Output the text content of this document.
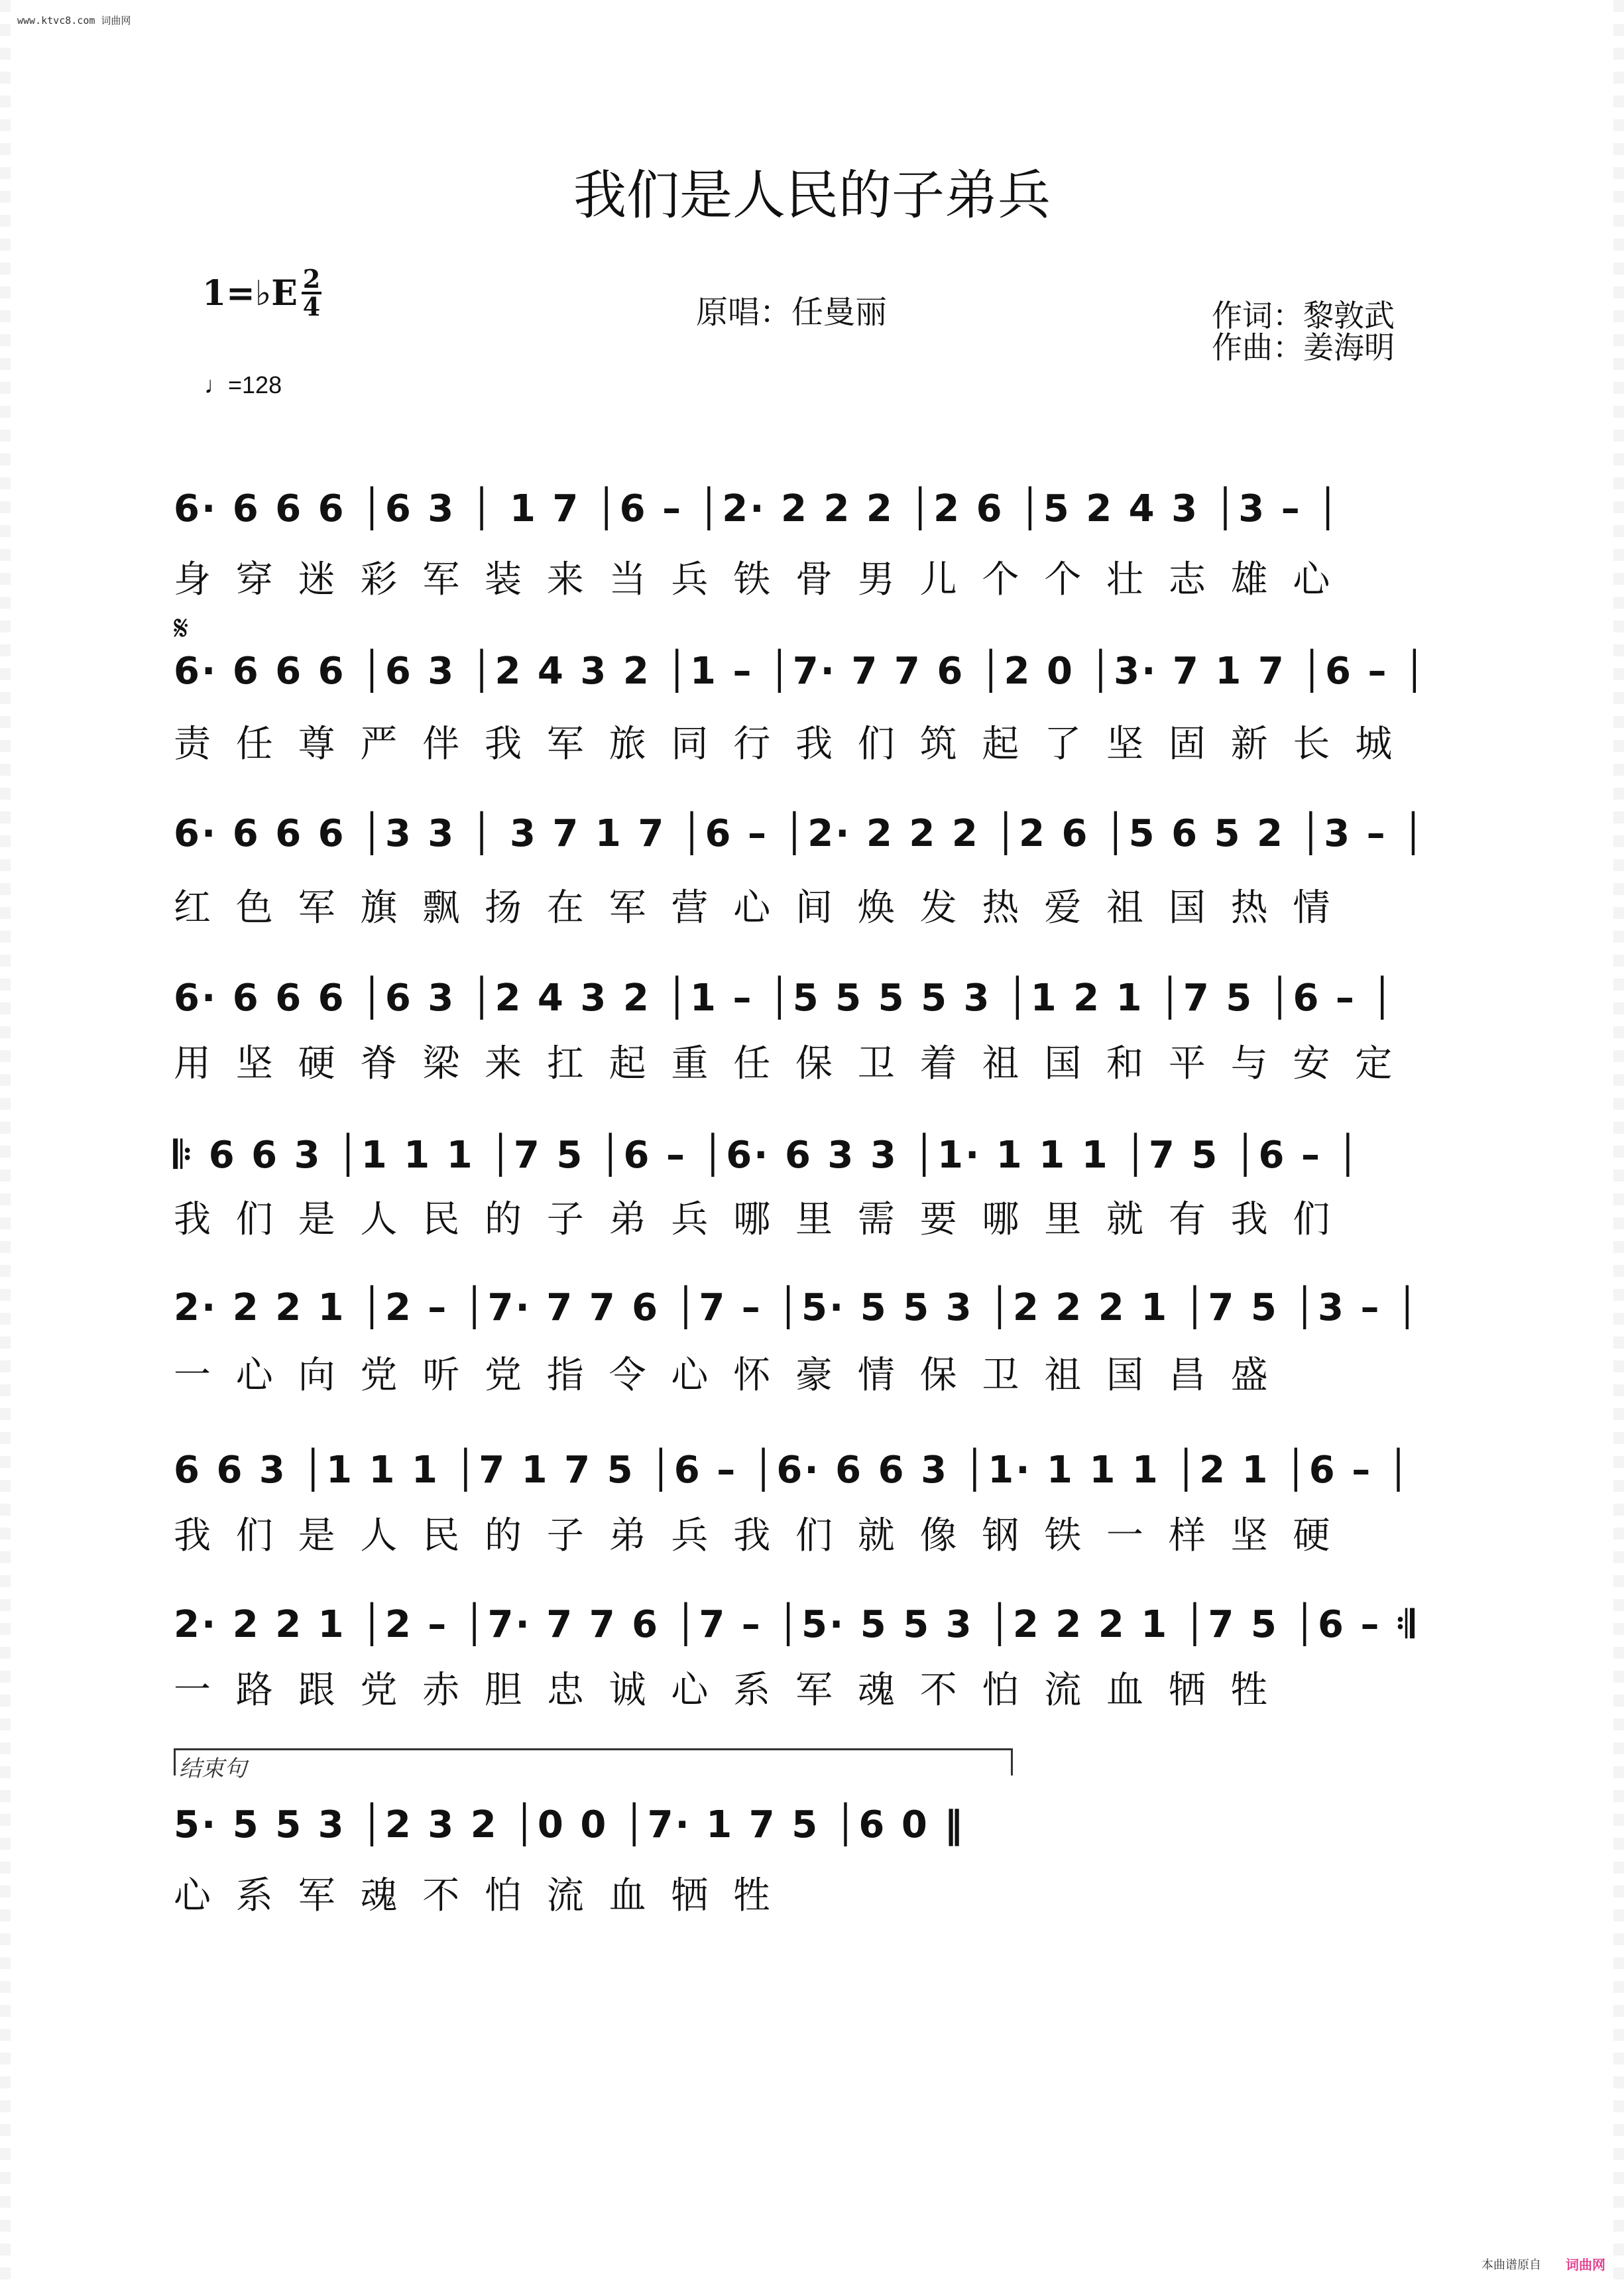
www.ktvc8.com 词曲网
我们是人民的子弟兵
1=♭E 2
4
♩=128
原唱：任曼丽	作词：黎敦武
作曲：姜海明
𝄋
6· 6 6 6 │6 3 │ 1 7 │6 – │2· 2 2 2 │2 6 │5 2 4 3 │3 – │
身 穿 迷 彩 军 装 来 当 兵 铁 骨 男 儿 个 个 壮 志 雄 心
6· 6 6 6 │6 3 │2 4 3 2 │1 – │7· 7 7 6 │2 0 │3· 7 1 7 │6 – │
责 任 尊 严 伴 我 军 旅 同 行 我 们 筑 起 了 坚 固 新 长 城
6· 6 6 6 │3 3 │ 3 7 1 7 │6 – │2· 2 2 2 │2 6 │5 6 5 2 │3 – │
红 色 军 旗 飘 扬 在 军 营 心 间 焕 发 热 爱 祖 国 热 情
6· 6 6 6 │6 3 │2 4 3 2 │1 – │5 5 5 5 3 │1 2 1 │7 5 │6 – │
用 坚 硬 脊 梁 来 扛 起 重 任 保 卫 着 祖 国 和 平 与 安 定
𝄆 6 6 3 │1 1 1 │7 5 │6 – │6· 6 3 3 │1· 1 1 1 │7 5 │6 – │
我 们 是 人 民 的 子 弟 兵 哪 里 需 要 哪 里 就 有 我 们
2· 2 2 1 │2 – │7· 7 7 6 │7 – │5· 5 5 3 │2 2 2 1 │7 5 │3 – │
一 心 向 党 听 党 指 令 心 怀 豪 情 保 卫 祖 国 昌 盛
6 6 3 │1 1 1 │7 1 7 5 │6 – │6· 6 6 3 │1· 1 1 1 │2 1 │6 – │
我 们 是 人 民 的 子 弟 兵 我 们 就 像 钢 铁 一 样 坚 硬
2· 2 2 1 │2 – │7· 7 7 6 │7 – │5· 5 5 3 │2 2 2 1 │7 5 │6 – 𝄇
一 路 跟 党 赤 胆 忠 诚 心 系 军 魂 不 怕 流 血 牺 牲
结束句
5· 5 5 3 │2 3 2 │0 0 │7· 1 7 5 │6 0 ‖
心 系 军 魂 不 怕 流 血 牺 牲
本曲谱原自 词曲网
